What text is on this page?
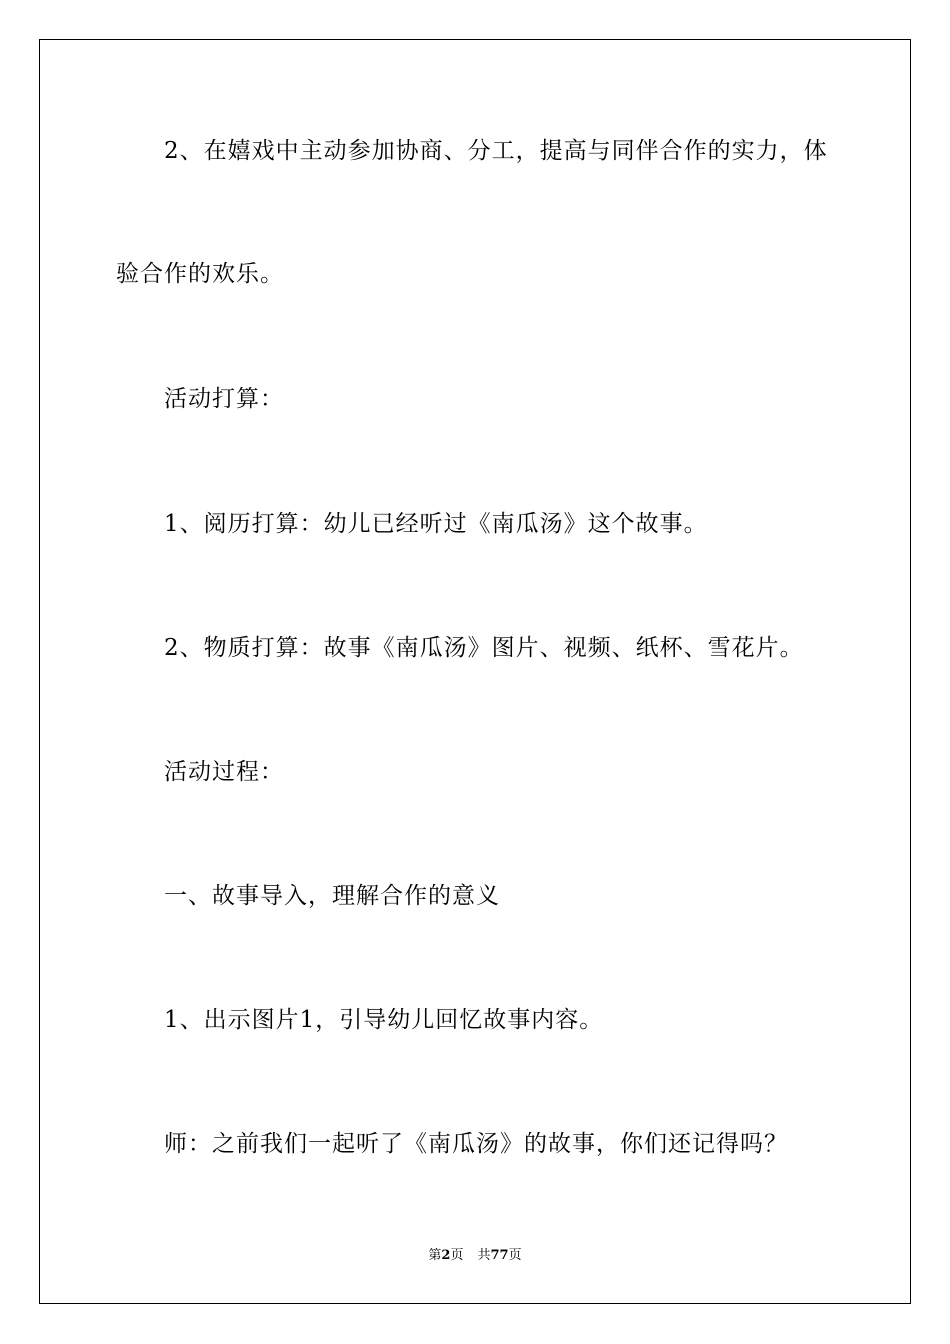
2、在嬉戏中主动参加协商、分工，提高与同伴合作的实力，体
验合作的欢乐。
活动打算：
1、阅历打算：幼儿已经听过《南瓜汤》这个故事。
2、物质打算：故事《南瓜汤》图片、视频、纸杯、雪花片。
活动过程：
一、故事导入，理解合作的意义
1、出示图片1，引导幼儿回忆故事内容。
师：之前我们一起听了《南瓜汤》的故事，你们还记得吗？
第2页 共77页
